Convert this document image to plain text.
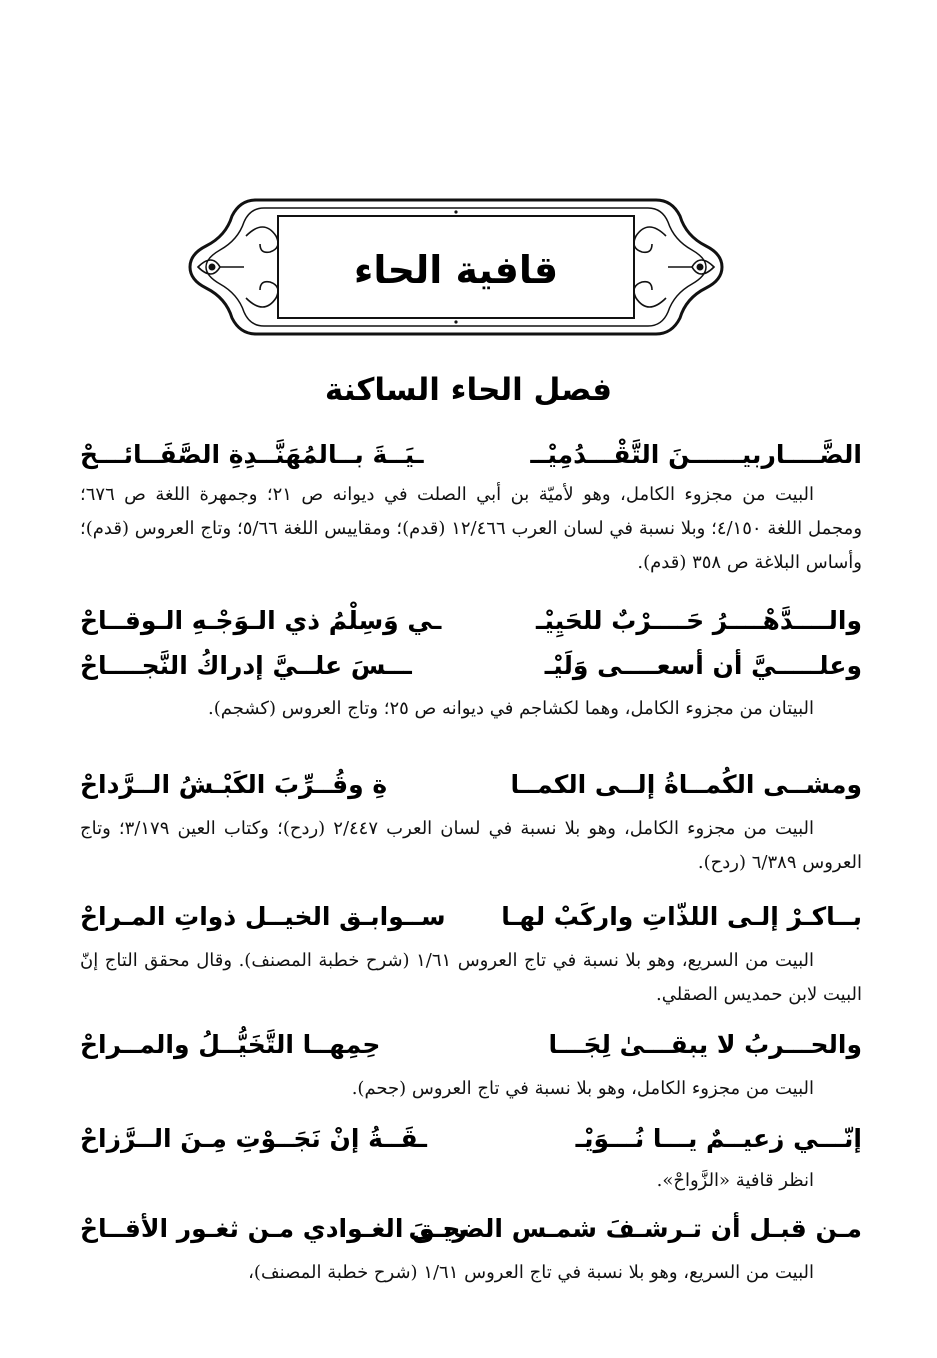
قافية الحاء
فصل الحاء الساكنة
الضَّــــاربيــــــنَ التَّقْـــدُمِيْــ
ـيَــةَ بــالمُهَنَّــدِةِ الصَّفَــائـــحْ
البيت من مجزوء الكامل، وهو لأميّة بن أبي الصلت في ديوانه ص ٢١؛ وجمهرة اللغة ص ٦٧٦؛ ومجمل اللغة ٤/١٥٠؛ وبلا نسبة في لسان العرب ١٢/٤٦٦ (قدم)؛ ومقاييس اللغة ٥/٦٦؛ وتاج العروس (قدم)؛ وأساس البلاغة ص ٣٥٨ (قدم).
والــــدَّهْــــرُ حَــــرْبٌ للحَيِيْـ
ـي وَسِلْمُ ذي الـوَجْـهِ الـوقــاحْ
وعلـــــيَّ أن أسعــــى وَلَيْـ
ـــسَ علــيَّ إدراكُ النَّجــــاحْ
البيتان من مجزوء الكامل، وهما لكشاجم في ديوانه ص ٢٥؛ وتاج العروس (كشجم).
ومشــى الكُمــاةُ إلــى الكمــا
ةِ وقُــرِّبَ الكَبْـشُ الــرَّداحْ
البيت من مجزوء الكامل، وهو بلا نسبة في لسان العرب ٢/٤٤٧ (ردح)؛ وكتاب العين ٣/١٧٩؛ وتاج العروس ٦/٣٨٩ (ردح).
بــاكـرْ إلـى اللذّاتِ واركَبْ لهـا
ســوابـق الخيــل ذواتِ المـراحْ
البيت من السريع، وهو بلا نسبة في تاج العروس ١/٦١ (شرح خطبة المصنف). وقال محقق التاج إنّ البيت لابن حمديس الصقلي.
والحـــربُ لا يبقـــىٰ لِجَـــا
حِمِهــا التَّخَيُّــلُ والمــراحْ
البيت من مجزوء الكامل، وهو بلا نسبة في تاج العروس (جحم).
إنّـــي زعيــمٌ يـــا نُـــوَيْـ
ـقَــةُ إنْ نَجَــوْتِ مِـنَ الــرَّزاحْ
انظر قافية «الزَّواحْ».
مـن قبـل أن تـرشـفَ شمـس الضحـى
ريـقَ الغـوادي مـن ثغـور الأقــاحْ
البيت من السريع، وهو بلا نسبة في تاج العروس ١/٦١ (شرح خطبة المصنف)،
